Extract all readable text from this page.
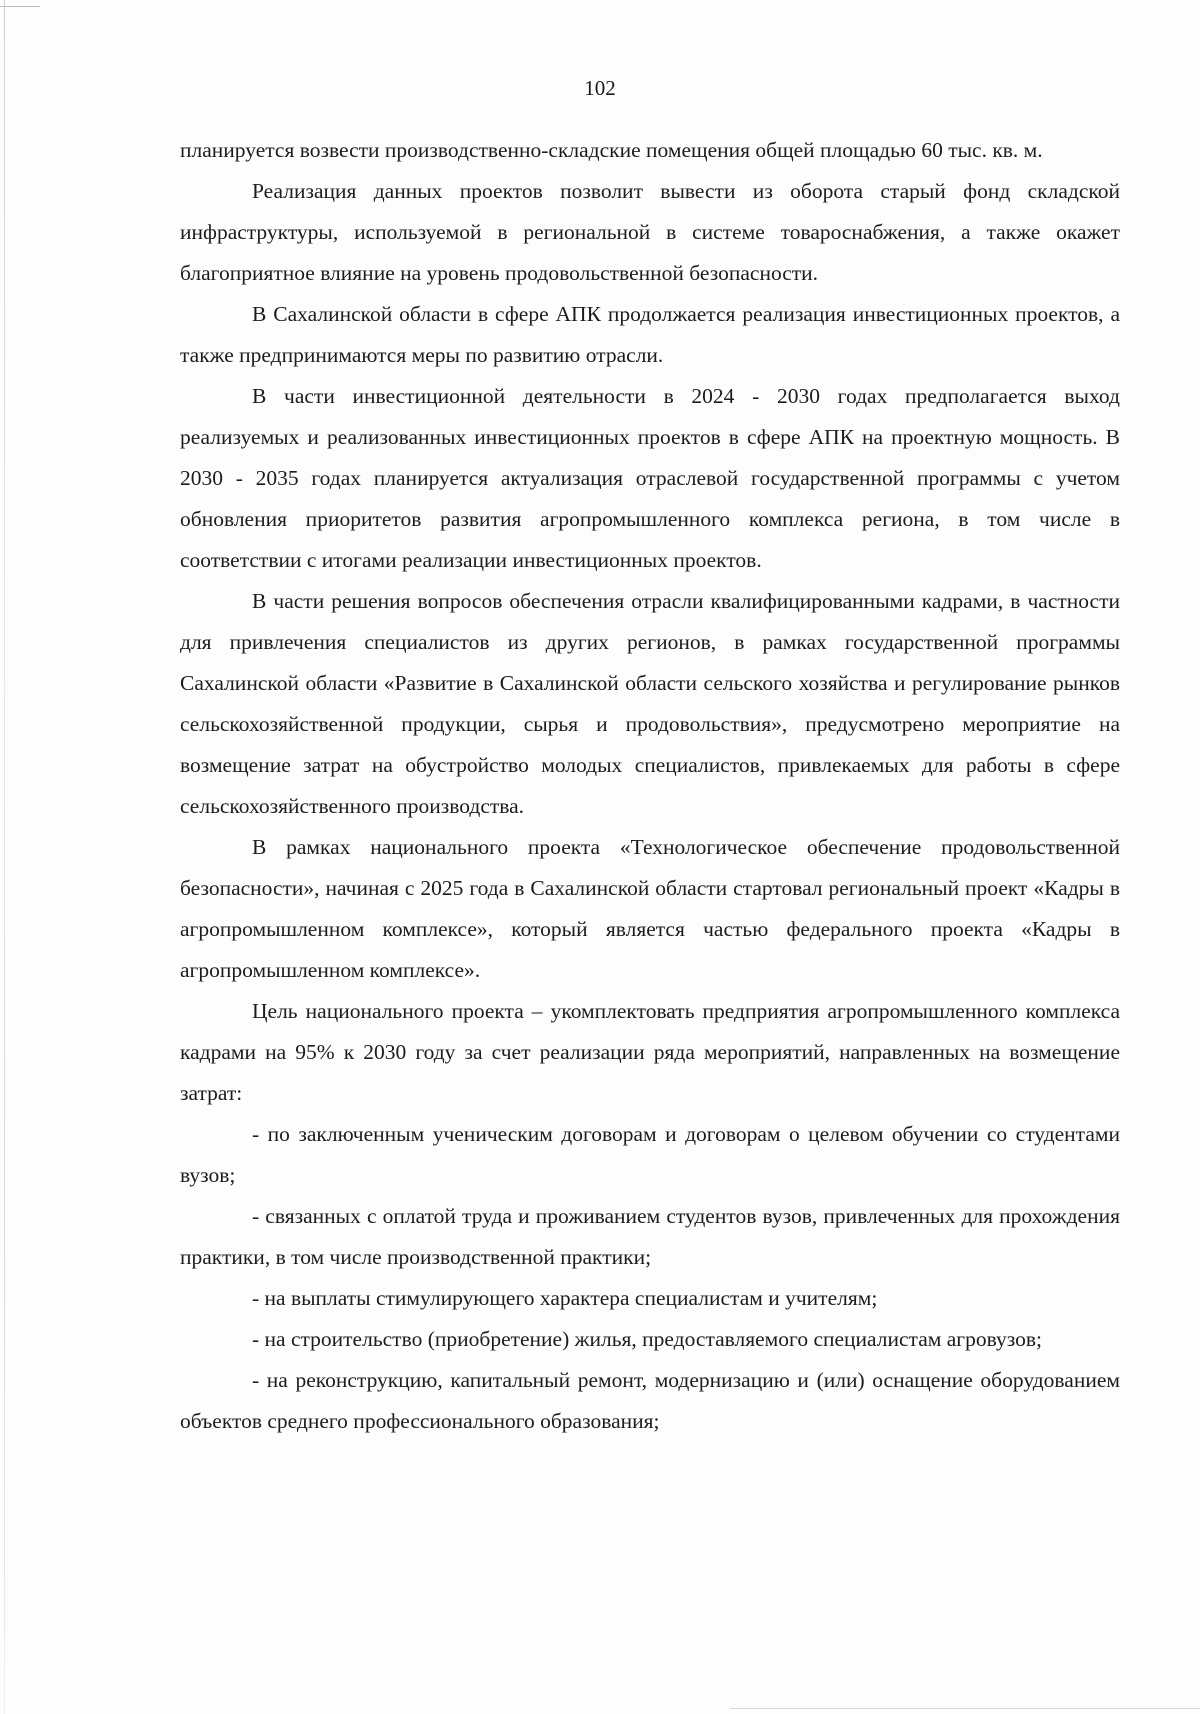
102

планируется возвести производственно-складские помещения общей площадью 60 тыс. кв. м.

Реализация данных проектов позволит вывести из оборота старый фонд складской инфраструктуры, используемой в региональной в системе товароснабжения, а также окажет благоприятное влияние на уровень продовольственной безопасности.

В Сахалинской области в сфере АПК продолжается реализация инвестиционных проектов, а также предпринимаются меры по развитию отрасли.

В части инвестиционной деятельности в 2024 - 2030 годах предполагается выход реализуемых и реализованных инвестиционных проектов в сфере АПК на проектную мощность. В 2030 - 2035 годах планируется актуализация отраслевой государственной программы с учетом обновления приоритетов развития агропромышленного комплекса региона, в том числе в соответствии с итогами реализации инвестиционных проектов.

В части решения вопросов обеспечения отрасли квалифицированными кадрами, в частности для привлечения специалистов из других регионов, в рамках государственной программы Сахалинской области «Развитие в Сахалинской области сельского хозяйства и регулирование рынков сельскохозяйственной продукции, сырья и продовольствия», предусмотрено мероприятие на возмещение затрат на обустройство молодых специалистов, привлекаемых для работы в сфере сельскохозяйственного производства.

В рамках национального проекта «Технологическое обеспечение продовольственной безопасности», начиная с 2025 года в Сахалинской области стартовал региональный проект «Кадры в агропромышленном комплексе», который является частью федерального проекта «Кадры в агропромышленном комплексе».

Цель национального проекта – укомплектовать предприятия агропромышленного комплекса кадрами на 95% к 2030 году за счет реализации ряда мероприятий, направленных на возмещение затрат:

- по заключенным ученическим договорам и договорам о целевом обучении со студентами вузов;

- связанных с оплатой труда и проживанием студентов вузов, привлеченных для прохождения практики, в том числе производственной практики;

- на выплаты стимулирующего характера специалистам и учителям;

- на строительство (приобретение) жилья, предоставляемого специалистам агровузов;

- на реконструкцию, капитальный ремонт, модернизацию и (или) оснащение оборудованием объектов среднего профессионального образования;
